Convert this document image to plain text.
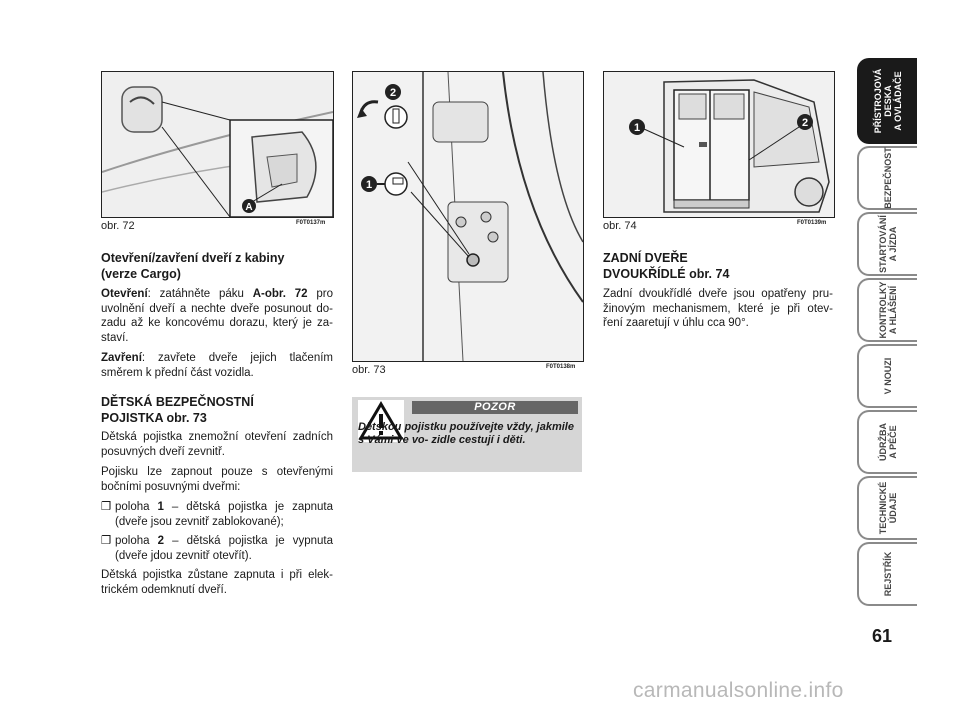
A
obr. 72	F0T0137m
2
1
obr. 73	F0T0138m
1	2
obr. 74	F0T0139m

Otevření/zavření dveří z kabiny

(verze Cargo)

Otevření: zatáhněte páku A-obr. 72 pro uvolnění dveří a nechte dveře posunout do- zadu až ke koncovému dorazu, který je za- staví.

Zavření: zavřete dveře jejich tlačením směrem k přední část vozidla.

DĚTSKÁ BEZPEČNOSTNÍ

POJISTKA obr. 73

Dětská pojistka znemožní otevření zadních posuvných dveří zevnitř.

Pojisku lze zapnout pouze s otevřenými bočními posuvnými dveřmi:

❐ poloha 1 – dětská pojistka je zapnuta (dveře jsou zevnitř zablokované);
❐ poloha 2 – dětská pojistka je vypnuta (dveře jdou zevnitř otevřít).

Dětská pojistka zůstane zapnuta i při elek- trickém odemknutí dveří.

POZOR
Dětskou pojistku používejte vždy, jakmile s Vámi ve vo- zidle cestují i děti.

ZADNÍ DVEŘE

DVOUKŘÍDLÉ obr. 74

Zadní dvoukřídlé dveře jsou opatřeny pru- žinovým mechanismem, které je při otev- ření zaaretují v úhlu cca 90°.

PŘÍSTROJOVÁ
DESKA
A OVLÁDAČE
BEZPEČNOST
STARTOVÁNÍ
A JÍZDA
KONTROLKY
A HLÁŠENÍ
V NOUZI
ÚDRŽBA
A PÉČE
TECHNICKÉ
ÚDAJE
REJSTŘÍK
61
carmanualsonline.info
